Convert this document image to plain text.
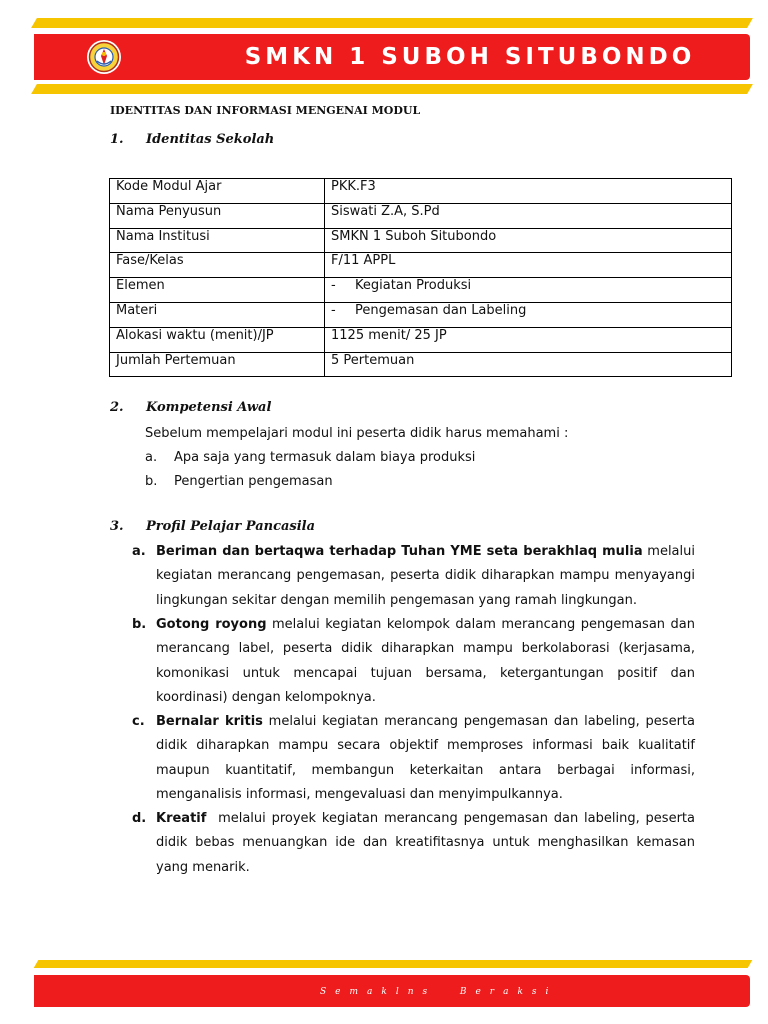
SMKN 1 SUBOH SITUBONDO
IDENTITAS DAN INFORMASI MENGENAI MODUL
1. Identitas Sekolah
Kode Modul Ajar	PKK.F3
Nama Penyusun	Siswati Z.A, S.Pd
Nama Institusi	SMKN 1 Suboh Situbondo
Fase/Kelas	F/11 APPL
Elemen	- Kegiatan Produksi
Materi	- Pengemasan dan Labeling
Alokasi waktu (menit)/JP	1125 menit/ 25 JP
Jumlah Pertemuan	5 Pertemuan
2. Kompetensi Awal
Sebelum mempelajari modul ini peserta didik harus memahami :
a. Apa saja yang termasuk dalam biaya produksi
b. Pengertian pengemasan
3. Profil Pelajar Pancasila
a. Beriman dan bertaqwa terhadap Tuhan YME seta berakhlaq mulia melalui kegiatan merancang pengemasan, peserta didik diharapkan mampu menyayangi lingkungan sekitar dengan memilih pengemasan yang ramah lingkungan.
b. Gotong royong melalui kegiatan kelompok dalam merancang pengemasan dan merancang label, peserta didik diharapkan mampu berkolaborasi (kerjasama, komonikasi untuk mencapai tujuan bersama, ketergantungan positif dan koordinasi) dengan kelompoknya.
c. Bernalar kritis melalui kegiatan merancang pengemasan dan labeling, peserta didik diharapkan mampu secara objektif memproses informasi baik kualitatif maupun kuantitatif, membangun keterkaitan antara berbagai informasi, menganalisis informasi, mengevaluasi dan menyimpulkannya.
d. Kreatif  melalui proyek kegiatan merancang pengemasan dan labeling, peserta didik bebas menuangkan ide dan kreatifitasnya untuk menghasilkan kemasan yang menarik.
Semaklns  Beraksi
